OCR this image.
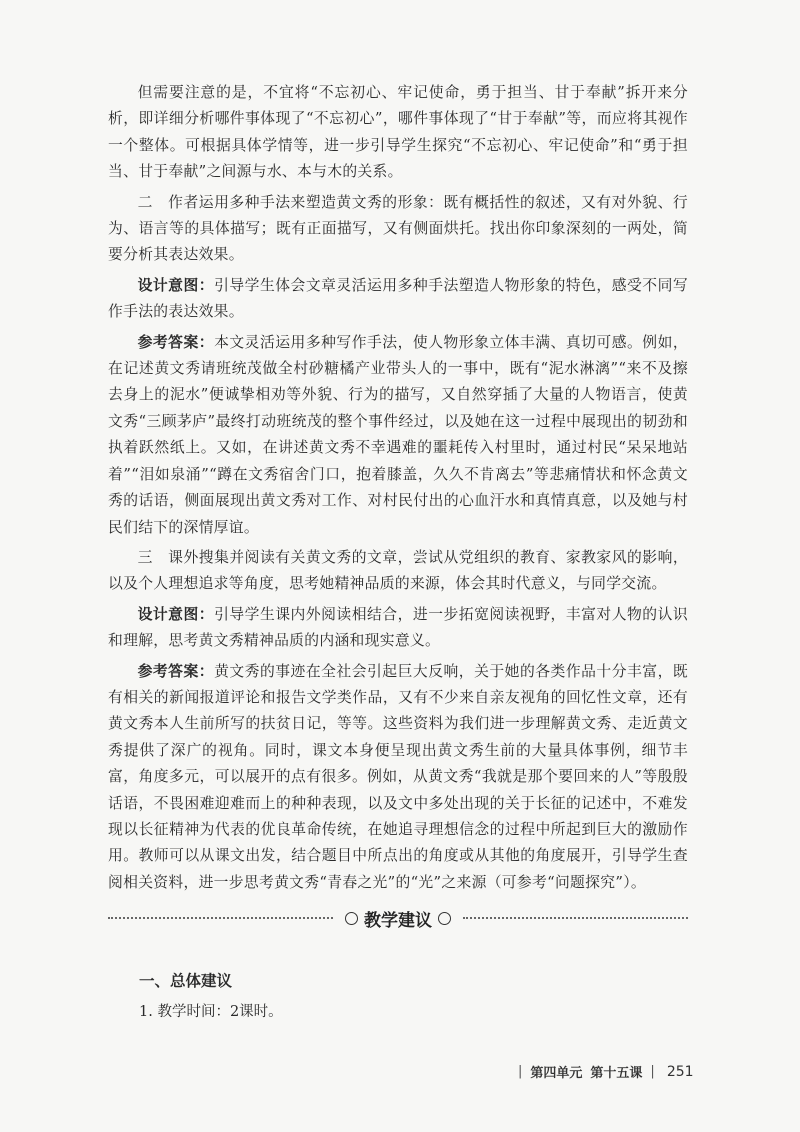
但需要注意的是，不宜将“不忘初心、牢记使命，勇于担当、甘于奉献”拆开来分析，即详细分析哪件事体现了“不忘初心”，哪件事体现了“甘于奉献”等，而应将其视作一个整体。可根据具体学情等，进一步引导学生探究“不忘初心、牢记使命”和“勇于担当、甘于奉献”之间源与水、本与木的关系。

二　作者运用多种手法来塑造黄文秀的形象：既有概括性的叙述，又有对外貌、行为、语言等的具体描写；既有正面描写，又有侧面烘托。找出你印象深刻的一两处，简要分析其表达效果。

设计意图：引导学生体会文章灵活运用多种手法塑造人物形象的特色，感受不同写作手法的表达效果。

参考答案：本文灵活运用多种写作手法，使人物形象立体丰满、真切可感。例如，在记述黄文秀请班统茂做全村砂糖橘产业带头人的一事中，既有“泥水淋漓”“来不及擦去身上的泥水”便诚挚相劝等外貌、行为的描写，又自然穿插了大量的人物语言，使黄文秀“三顾茅庐”最终打动班统茂的整个事件经过，以及她在这一过程中展现出的韧劲和执着跃然纸上。又如，在讲述黄文秀不幸遇难的噩耗传入村里时，通过村民“呆呆地站着”“泪如泉涌”“蹲在文秀宿舍门口，抱着膝盖，久久不肯离去”等悲痛情状和怀念黄文秀的话语，侧面展现出黄文秀对工作、对村民付出的心血汗水和真情真意，以及她与村民们结下的深情厚谊。

三　课外搜集并阅读有关黄文秀的文章，尝试从党组织的教育、家教家风的影响，以及个人理想追求等角度，思考她精神品质的来源，体会其时代意义，与同学交流。

设计意图：引导学生课内外阅读相结合，进一步拓宽阅读视野，丰富对人物的认识和理解，思考黄文秀精神品质的内涵和现实意义。

参考答案：黄文秀的事迹在全社会引起巨大反响，关于她的各类作品十分丰富，既有相关的新闻报道评论和报告文学类作品，又有不少来自亲友视角的回忆性文章，还有黄文秀本人生前所写的扶贫日记，等等。这些资料为我们进一步理解黄文秀、走近黄文秀提供了深广的视角。同时，课文本身便呈现出黄文秀生前的大量具体事例，细节丰富，角度多元，可以展开的点有很多。例如，从黄文秀“我就是那个要回来的人”等殷殷话语，不畏困难迎难而上的种种表现，以及文中多处出现的关于长征的记述中，不难发现以长征精神为代表的优良革命传统，在她追寻理想信念的过程中所起到巨大的激励作用。教师可以从课文出发，结合题目中所点出的角度或从其他的角度展开，引导学生查阅相关资料，进一步思考黄文秀“青春之光”的“光”之来源（可参考“问题探究”）。

教学建议
一、总体建议
1. 教学时间：2课时。
| 第四单元 第十五课 | 251
